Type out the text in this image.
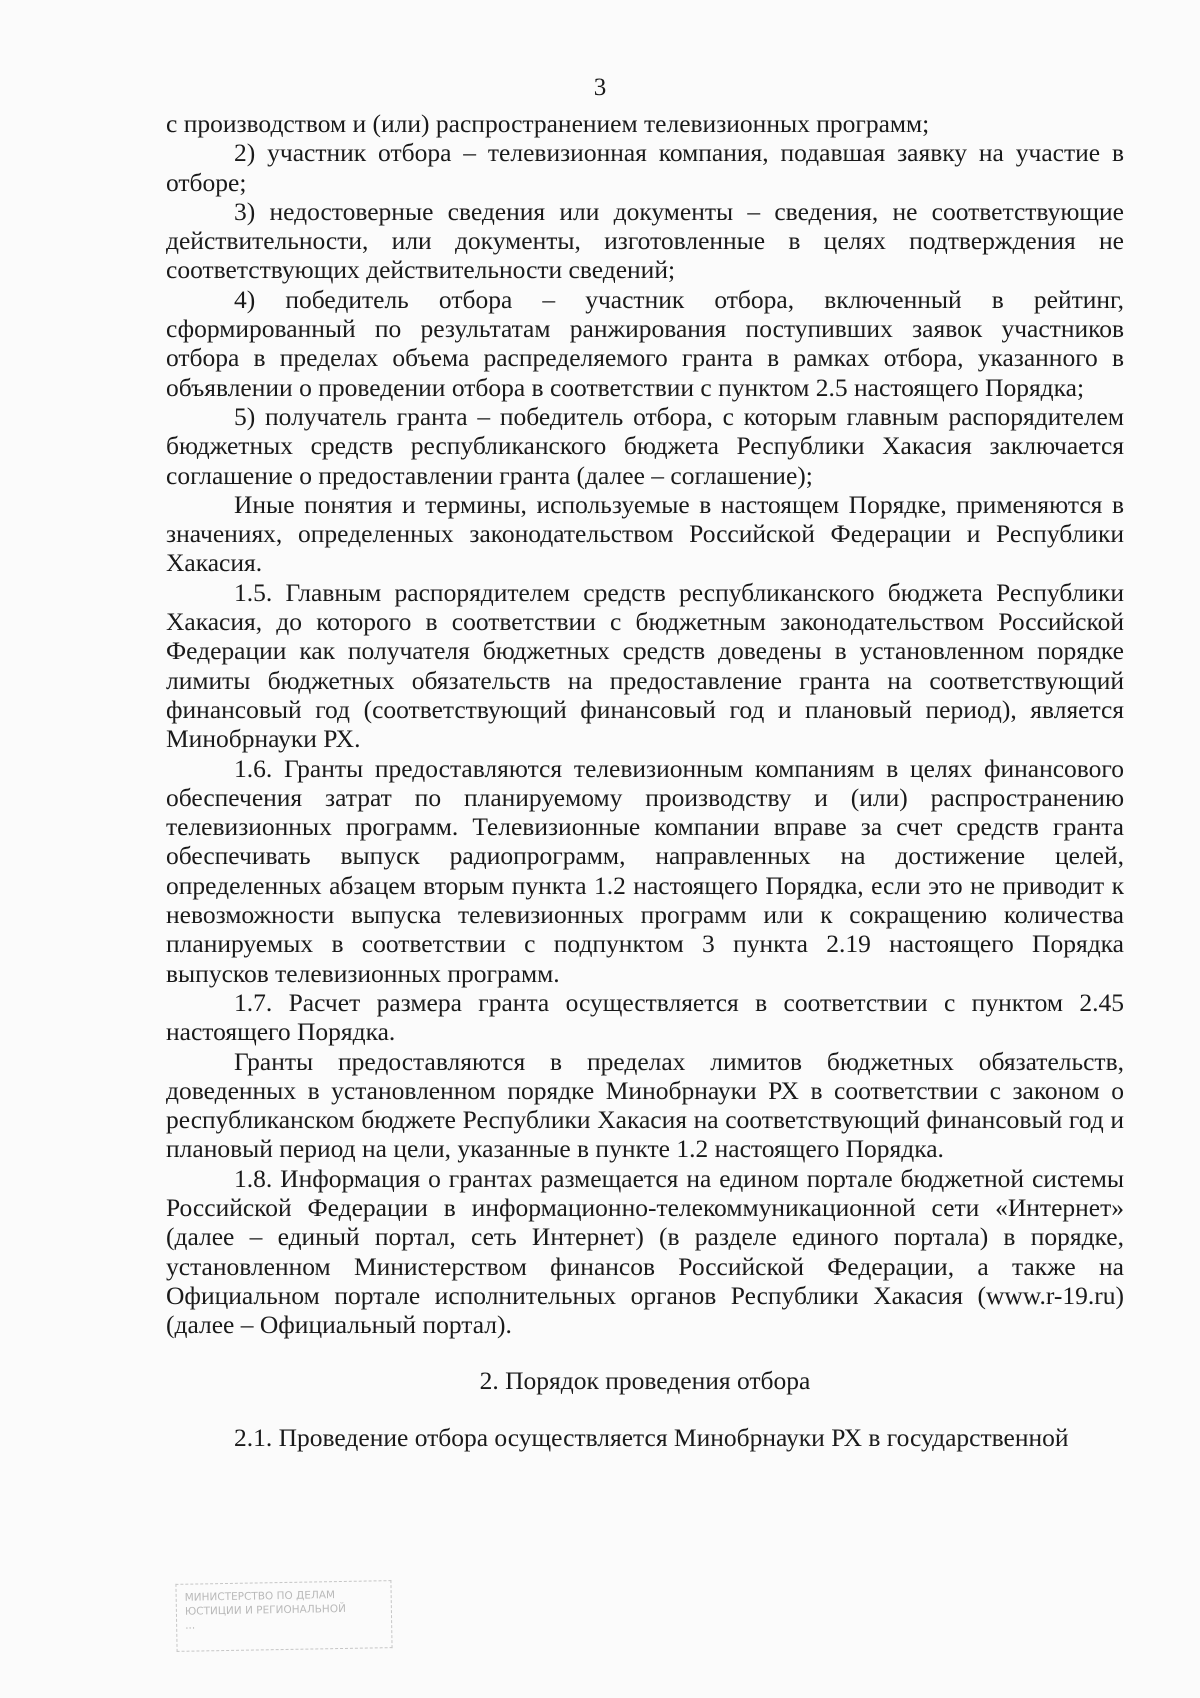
3

с производством и (или) распространением телевизионных программ;

2) участник отбора – телевизионная компания, подавшая заявку на участие в отборе;

3) недостоверные сведения или документы – сведения, не соответствующие действительности, или документы, изготовленные в целях подтверждения не соответствующих действительности сведений;

4) победитель отбора – участник отбора, включенный в рейтинг, сформированный по результатам ранжирования поступивших заявок участников отбора в пределах объема распределяемого гранта в рамках отбора, указанного в объявлении о проведении отбора в соответствии с пунктом 2.5 настоящего Порядка;

5) получатель гранта – победитель отбора, с которым главным распорядителем бюджетных средств республиканского бюджета Республики Хакасия заключается соглашение о предоставлении гранта (далее – соглашение);

Иные понятия и термины, используемые в настоящем Порядке, применяются в значениях, определенных законодательством Российской Федерации и Республики Хакасия.

1.5. Главным распорядителем средств республиканского бюджета Республики Хакасия, до которого в соответствии с бюджетным законодательством Российской Федерации как получателя бюджетных средств доведены в установленном порядке лимиты бюджетных обязательств на предоставление гранта на соответствующий финансовый год (соответствующий финансовый год и плановый период), является Минобрнауки РХ.

1.6. Гранты предоставляются телевизионным компаниям в целях финансового обеспечения затрат по планируемому производству и (или) распространению телевизионных программ. Телевизионные компании вправе за счет средств гранта обеспечивать выпуск радиопрограмм, направленных на достижение целей, определенных абзацем вторым пункта 1.2 настоящего Порядка, если это не приводит к невозможности выпуска телевизионных программ или к сокращению количества планируемых в соответствии с подпунктом 3 пункта 2.19 настоящего Порядка выпусков телевизионных программ.

1.7. Расчет размера гранта осуществляется в соответствии с пунктом 2.45 настоящего Порядка.

Гранты предоставляются в пределах лимитов бюджетных обязательств, доведенных в установленном порядке Минобрнауки РХ в соответствии с законом о республиканском бюджете Республики Хакасия на соответствующий финансовый год и плановый период на цели, указанные в пункте 1.2 настоящего Порядка.

1.8. Информация о грантах размещается на едином портале бюджетной системы Российской Федерации в информационно-телекоммуникационной сети «Интернет» (далее – единый портал, сеть Интернет) (в разделе единого портала) в порядке, установленном Министерством финансов Российской Федерации, а также на Официальном портале исполнительных органов Республики Хакасия (www.r-19.ru) (далее – Официальный портал).

2. Порядок проведения отбора

2.1. Проведение отбора осуществляется Минобрнауки РХ в государственной

МИНИСТЕРСТВО ПО ДЕЛАМ
ЮСТИЦИИ И РЕГИОНАЛЬНОЙ
...
